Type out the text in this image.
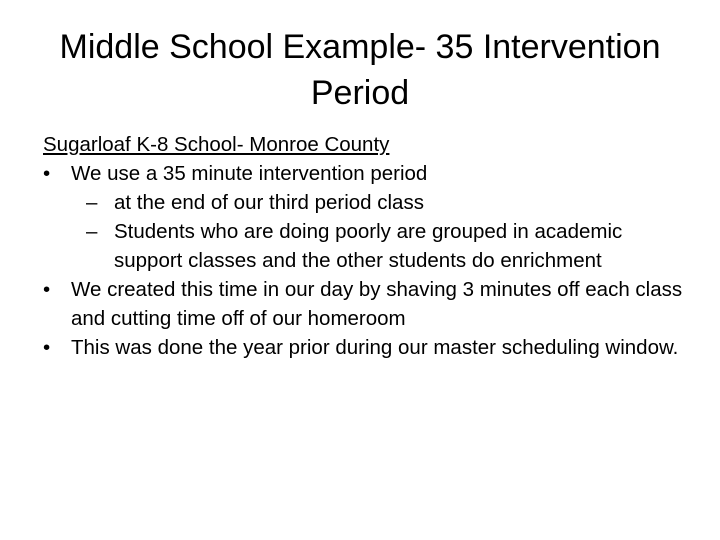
Middle School Example- 35 Intervention Period

Sugarloaf K-8 School- Monroe County

• We use a 35 minute intervention period
– at the end of our third period class
– Students who are doing poorly are grouped in academic support classes and the other students do enrichment
• We created this time in our day by shaving 3 minutes off each class and cutting time off of our homeroom
• This was done the year prior during our master scheduling window.
